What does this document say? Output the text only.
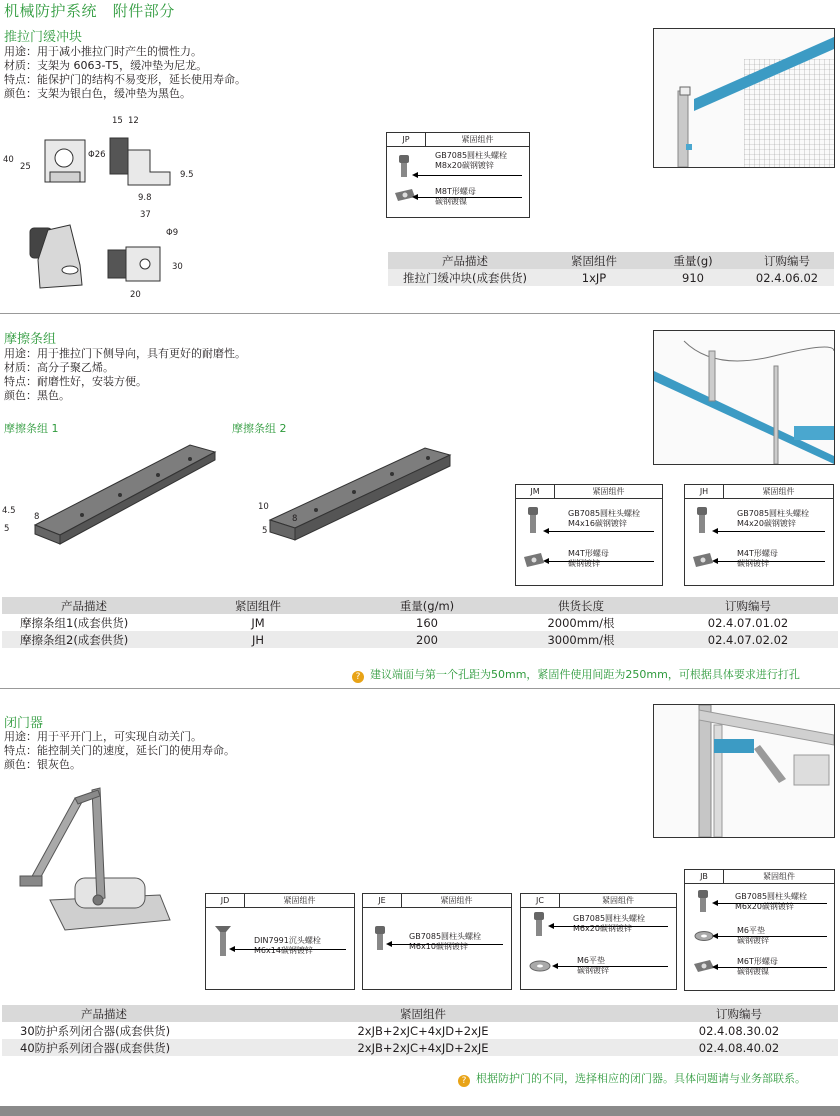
机械防护系统   附件部分
推拉门缓冲块
用途：用于减小推拉门时产生的惯性力。
材质：支架为 6063-T5，缓冲垫为尼龙。
特点：能保护门的结构不易变形，延长使用寿命。
颜色：支架为银白色，缓冲垫为黑色。
15 12
40
25
Φ26
9.5
9.8
37
Φ9
30
20
JP	紧固组件
GB7085圆柱头螺栓
M8x20碳钢镀锌
M8T形螺母
碳钢镀镍
产品描述	紧固组件	重量(g)	订购编号
推拉门缓冲块(成套供货)	1xJP	910	02.4.06.02
摩擦条组
用途：用于推拉门下侧导向，具有更好的耐磨性。
材质：高分子聚乙烯。
特点：耐磨性好，安装方便。
颜色：黑色。
摩擦条组 1	摩擦条组 2
4.5
5
8
10
5
8
JM	紧固组件
GB7085圆柱头螺栓
M4x16碳钢镀锌
M4T形螺母
碳钢镀锌
JH	紧固组件
GB7085圆柱头螺栓
M4x20碳钢镀锌
M4T形螺母
碳钢镀锌
产品描述	紧固组件	重量(g/m)	供货长度	订购编号
摩擦条组1(成套供货)	JM	160	2000mm/根	02.4.07.01.02
摩擦条组2(成套供货)	JH	200	3000mm/根	02.4.07.02.02
? 建议端面与第一个孔距为50mm，紧固件使用间距为250mm，可根据具体要求进行打孔
闭门器
用途：用于平开门上，可实现自动关门。
特点：能控制关门的速度，延长门的使用寿命。
颜色：银灰色。
JD	紧固组件
DIN7991沉头螺栓
M6x14碳钢镀锌
JE	紧固组件
GB7085圆柱头螺栓
M6x10碳钢镀锌
JC	紧固组件
GB7085圆柱头螺栓
M6x20碳钢镀锌
M6平垫
碳钢镀锌
JB	紧固组件
GB7085圆柱头螺栓
M6x20碳钢镀锌
M6平垫
碳钢镀锌
M6T形螺母
碳钢镀镍
产品描述	紧固组件	订购编号
30防护系列闭合器(成套供货)	2xJB+2xJC+4xJD+2xJE	02.4.08.30.02
40防护系列闭合器(成套供货)	2xJB+2xJC+4xJD+2xJE	02.4.08.40.02
? 根据防护门的不同，选择相应的闭门器。具体问题请与业务部联系。
